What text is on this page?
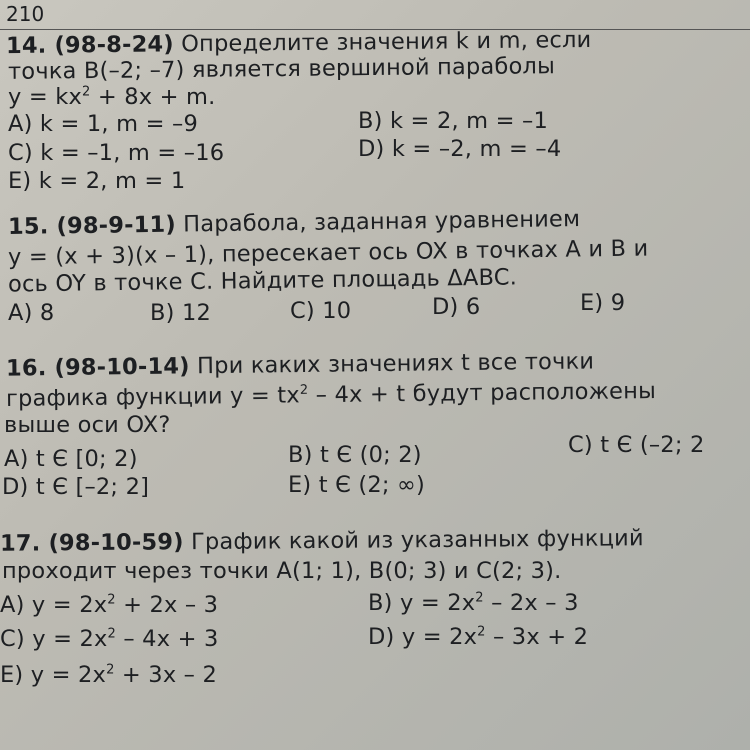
210
14. (98-8-24) Определите значения k и m, если
точка B(–2; –7) является вершиной параболы
$y = kx^2 + 8x + m$.
A) k = 1, m = –9	B) k = 2, m = –1
C) k = –1, m = –16	D) k = –2, m = –4
E) k = 2, m = 1
15. (98-9-11) Парабола, заданная уравнением
y = (x + 3)(x – 1), пересекает ось OX в точках A и B и
ось OY в точке C. Найдите площадь ΔABC.
A) 8	B) 12	C) 10	D) 6	E) 9
16. (98-10-14) При каких значениях t все точки
графика функции $y = tx^2 - 4x + t$ будут расположены
выше оси OX?
A) t Є [0; 2)	B) t Є (0; 2)	C) t Є (–2; 2
D) t Є [–2; 2]	E) t Є (2; ∞)
17. (98-10-59) График какой из указанных функций
проходит через точки A(1; 1), B(0; 3) и C(2; 3).
A) $y = 2x^2 + 2x - 3$	B) $y = 2x^2 - 2x - 3$
C) $y = 2x^2 - 4x + 3$	D) $y = 2x^2 - 3x + 2$
E) $y = 2x^2 + 3x - 2$
